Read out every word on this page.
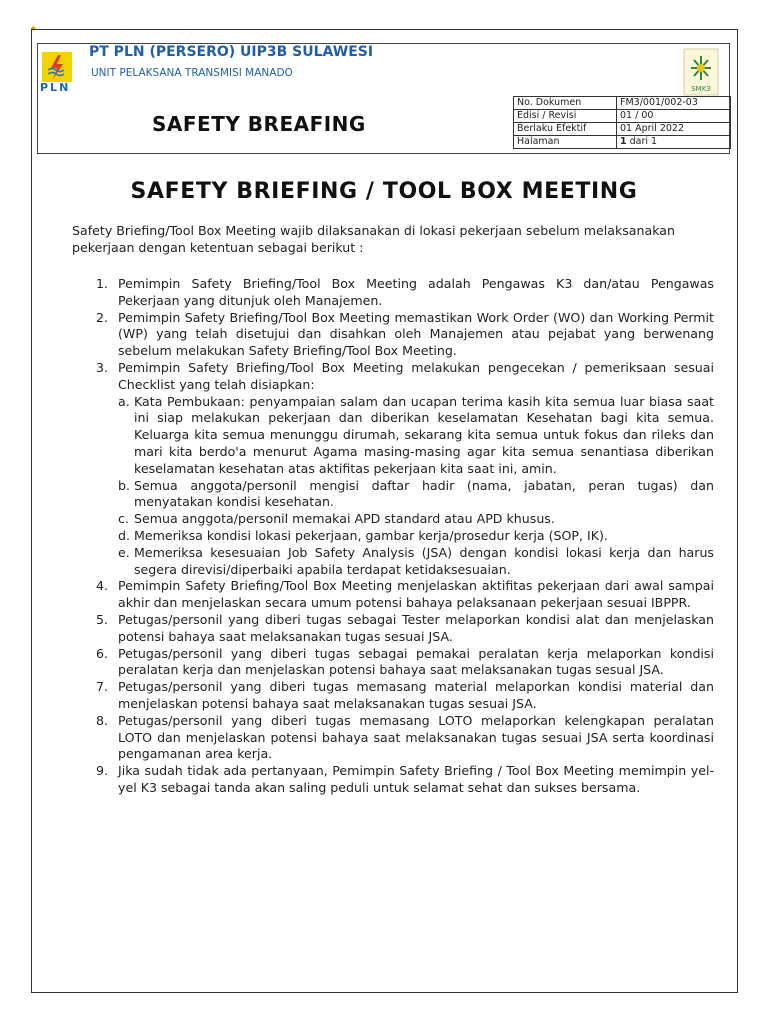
✦
PLN
PT PLN (PERSERO) UIP3B SULAWESI
UNIT PELAKSANA TRANSMISI MANADO
SMK3
SAFETY BREAFING
No. Dokumen	FM3/001/002-03
Edisi / Revisi	01 / 00
Berlaku Efektif	01 April 2022
Halaman	1 dari 1
SAFETY BRIEFING / TOOL BOX MEETING
Safety Briefing/Tool Box Meeting wajib dilaksanakan di lokasi pekerjaan sebelum melaksanakan pekerjaan dengan ketentuan sebagai berikut :
1. Pemimpin Safety Briefing/Tool Box Meeting adalah Pengawas K3 dan/atau Pengawas Pekerjaan yang ditunjuk oleh Manajemen.
2. Pemimpin Safety Briefing/Tool Box Meeting memastikan Work Order (WO) dan Working Permit (WP) yang telah disetujui dan disahkan oleh Manajemen atau pejabat yang berwenang sebelum melakukan Safety Briefing/Tool Box Meeting.
3. Pemimpin Safety Briefing/Tool Box Meeting melakukan pengecekan / pemeriksaan sesuai Checklist yang telah disiapkan:
a. Kata Pembukaan: penyampaian salam dan ucapan terima kasih kita semua luar biasa saat ini siap melakukan pekerjaan dan diberikan keselamatan Kesehatan bagi kita semua. Keluarga kita semua menunggu dirumah, sekarang kita semua untuk fokus dan rileks dan mari kita berdo'a menurut Agama masing-masing agar kita semua senantiasa diberikan keselamatan kesehatan atas aktifitas pekerjaan kita saat ini, amin.
b. Semua anggota/personil mengisi daftar hadir (nama, jabatan, peran tugas) dan menyatakan kondisi kesehatan.
c. Semua anggota/personil memakai APD standard atau APD khusus.
d. Memeriksa kondisi lokasi pekerjaan, gambar kerja/prosedur kerja (SOP, IK).
e. Memeriksa kesesuaian Job Safety Analysis (JSA) dengan kondisi lokasi kerja dan harus segera direvisi/diperbaiki apabila terdapat ketidaksesuaian.
4. Pemimpin Safety Briefing/Tool Box Meeting menjelaskan aktifitas pekerjaan dari awal sampai akhir dan menjelaskan secara umum potensi bahaya pelaksanaan pekerjaan sesuai IBPPR.
5. Petugas/personil yang diberi tugas sebagai Tester melaporkan kondisi alat dan menjelaskan potensi bahaya saat melaksanakan tugas sesuai JSA.
6. Petugas/personil yang diberi tugas sebagai pemakai peralatan kerja melaporkan kondisi peralatan kerja dan menjelaskan potensi bahaya saat melaksanakan tugas sesual JSA.
7. Petugas/personil yang diberi tugas memasang material melaporkan kondisi material dan menjelaskan potensi bahaya saat melaksanakan tugas sesuai JSA.
8. Petugas/personil yang diberi tugas memasang LOTO melaporkan kelengkapan peralatan LOTO dan menjelaskan potensi bahaya saat melaksanakan tugas sesuai JSA serta koordinasi pengamanan area kerja.
9. Jika sudah tidak ada pertanyaan, Pemimpin Safety Briefing / Tool Box Meeting memimpin yel-yel K3 sebagai tanda akan saling peduli untuk selamat sehat dan sukses bersama.
